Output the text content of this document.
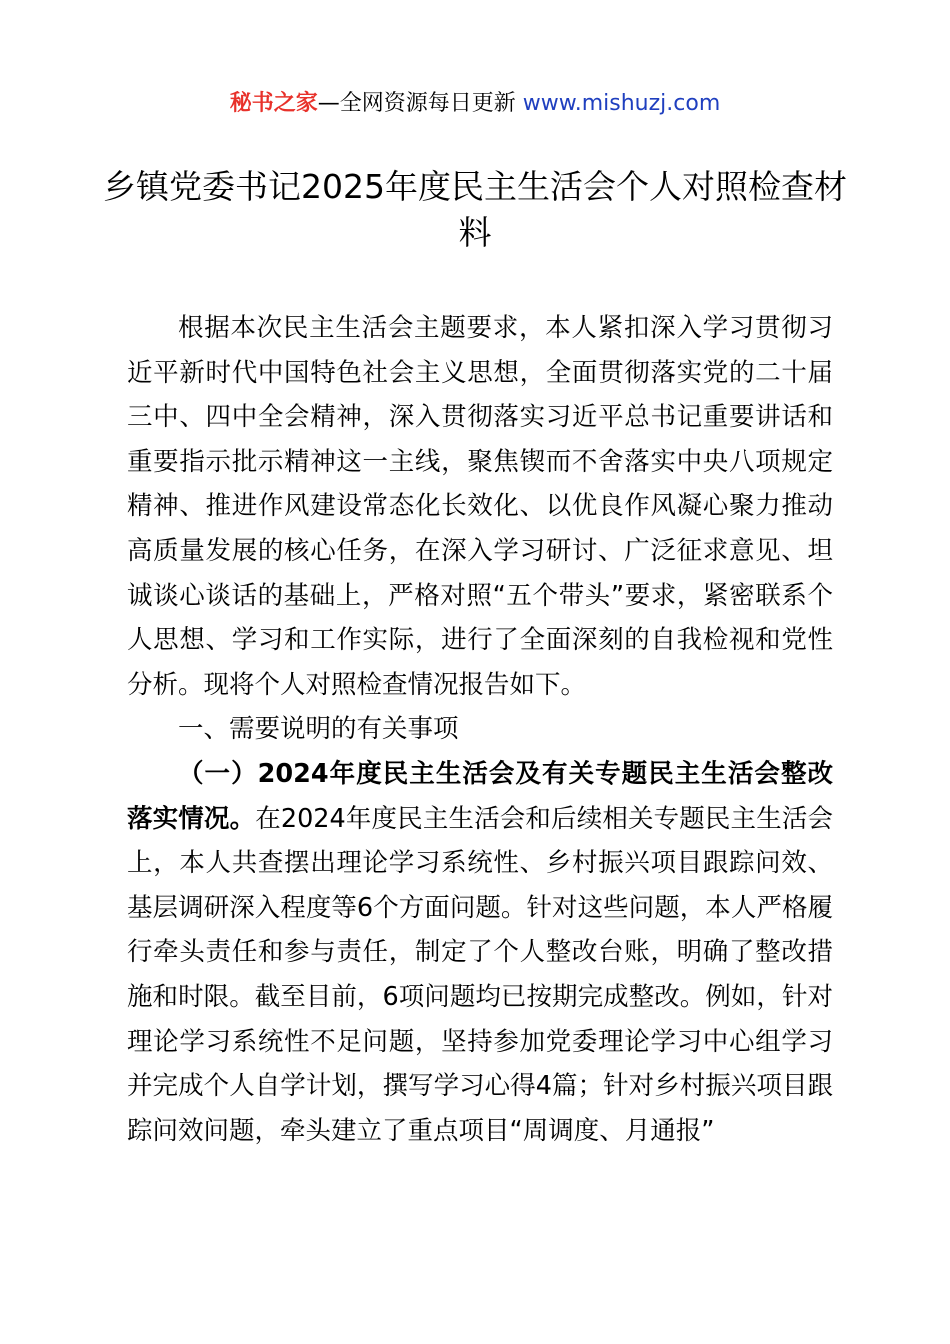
秘书之家—全网资源每日更新 www.mishuzj.com
乡镇党委书记2025年度民主生活会个人对照检查材料

根据本次民主生活会主题要求，本人紧扣深入学习贯彻习近平新时代中国特色社会主义思想，全面贯彻落实党的二十届三中、四中全会精神，深入贯彻落实习近平总书记重要讲话和重要指示批示精神这一主线，聚焦锲而不舍落实中央八项规定精神、推进作风建设常态化长效化、以优良作风凝心聚力推动高质量发展的核心任务，在深入学习研讨、广泛征求意见、坦诚谈心谈话的基础上，严格对照“五个带头”要求，紧密联系个人思想、学习和工作实际，进行了全面深刻的自我检视和党性分析。现将个人对照检查情况报告如下。

一、需要说明的有关事项

（一）2024年度民主生活会及有关专题民主生活会整改落实情况。在2024年度民主生活会和后续相关专题民主生活会上，本人共查摆出理论学习系统性、乡村振兴项目跟踪问效、基层调研深入程度等6个方面问题。针对这些问题，本人严格履行牵头责任和参与责任，制定了个人整改台账，明确了整改措施和时限。截至目前，6项问题均已按期完成整改。例如，针对理论学习系统性不足问题，坚持参加党委理论学习中心组学习并完成个人自学计划，撰写学习心得4篇；针对乡村振兴项目跟踪问效问题，牵头建立了重点项目“周调度、月通报”
